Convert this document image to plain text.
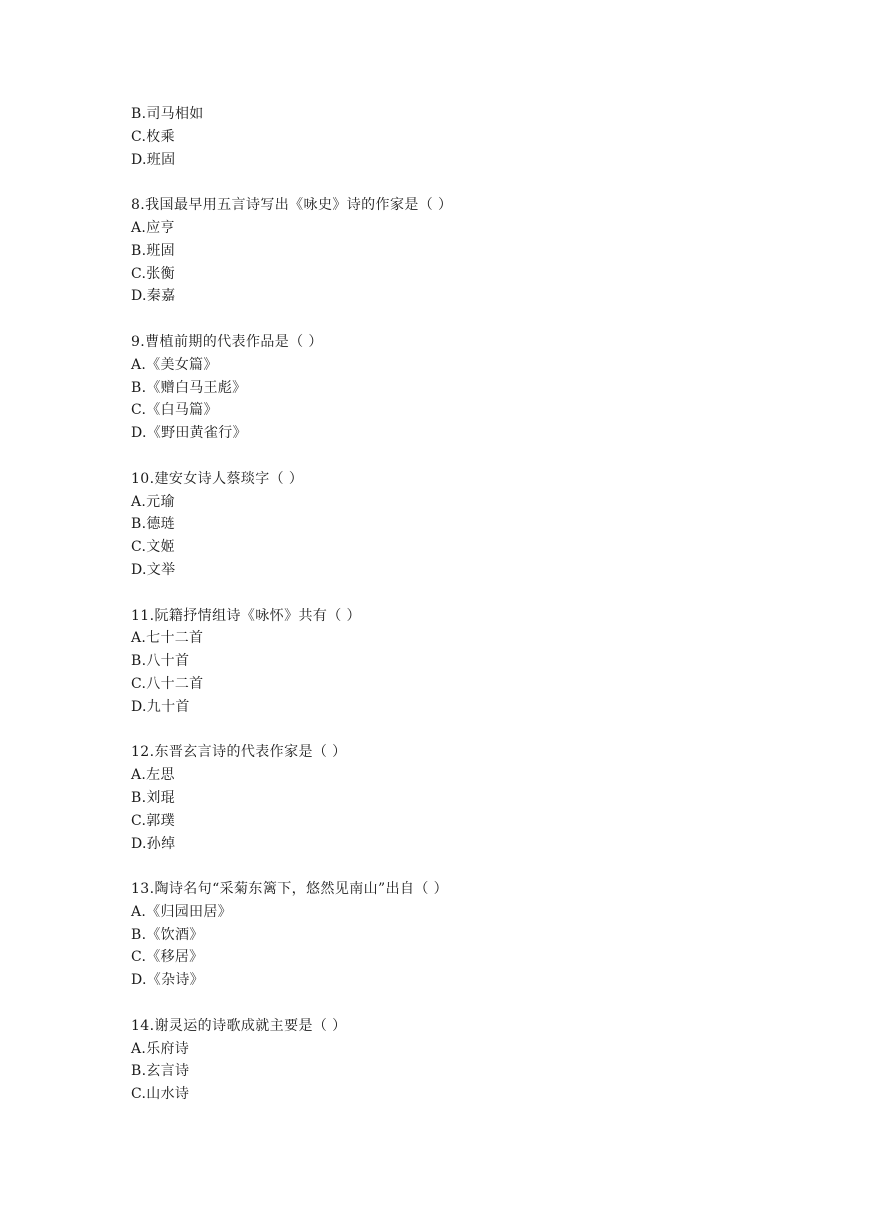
B.司马相如
C.枚乘
D.班固
8.我国最早用五言诗写出《咏史》诗的作家是（ ）
A.应亨
B.班固
C.张衡
D.秦嘉
9.曹植前期的代表作品是（ ）
A.《美女篇》
B.《赠白马王彪》
C.《白马篇》
D.《野田黄雀行》
10.建安女诗人蔡琰字（ ）
A.元瑜
B.德琏
C.文姬
D.文举
11.阮籍抒情组诗《咏怀》共有（ ）
A.七十二首
B.八十首
C.八十二首
D.九十首
12.东晋玄言诗的代表作家是（ ）
A.左思
B.刘琨
C.郭璞
D.孙绰
13.陶诗名句“采菊东篱下，悠然见南山”出自（ ）
A.《归园田居》
B.《饮酒》
C.《移居》
D.《杂诗》
14.谢灵运的诗歌成就主要是（ ）
A.乐府诗
B.玄言诗
C.山水诗
